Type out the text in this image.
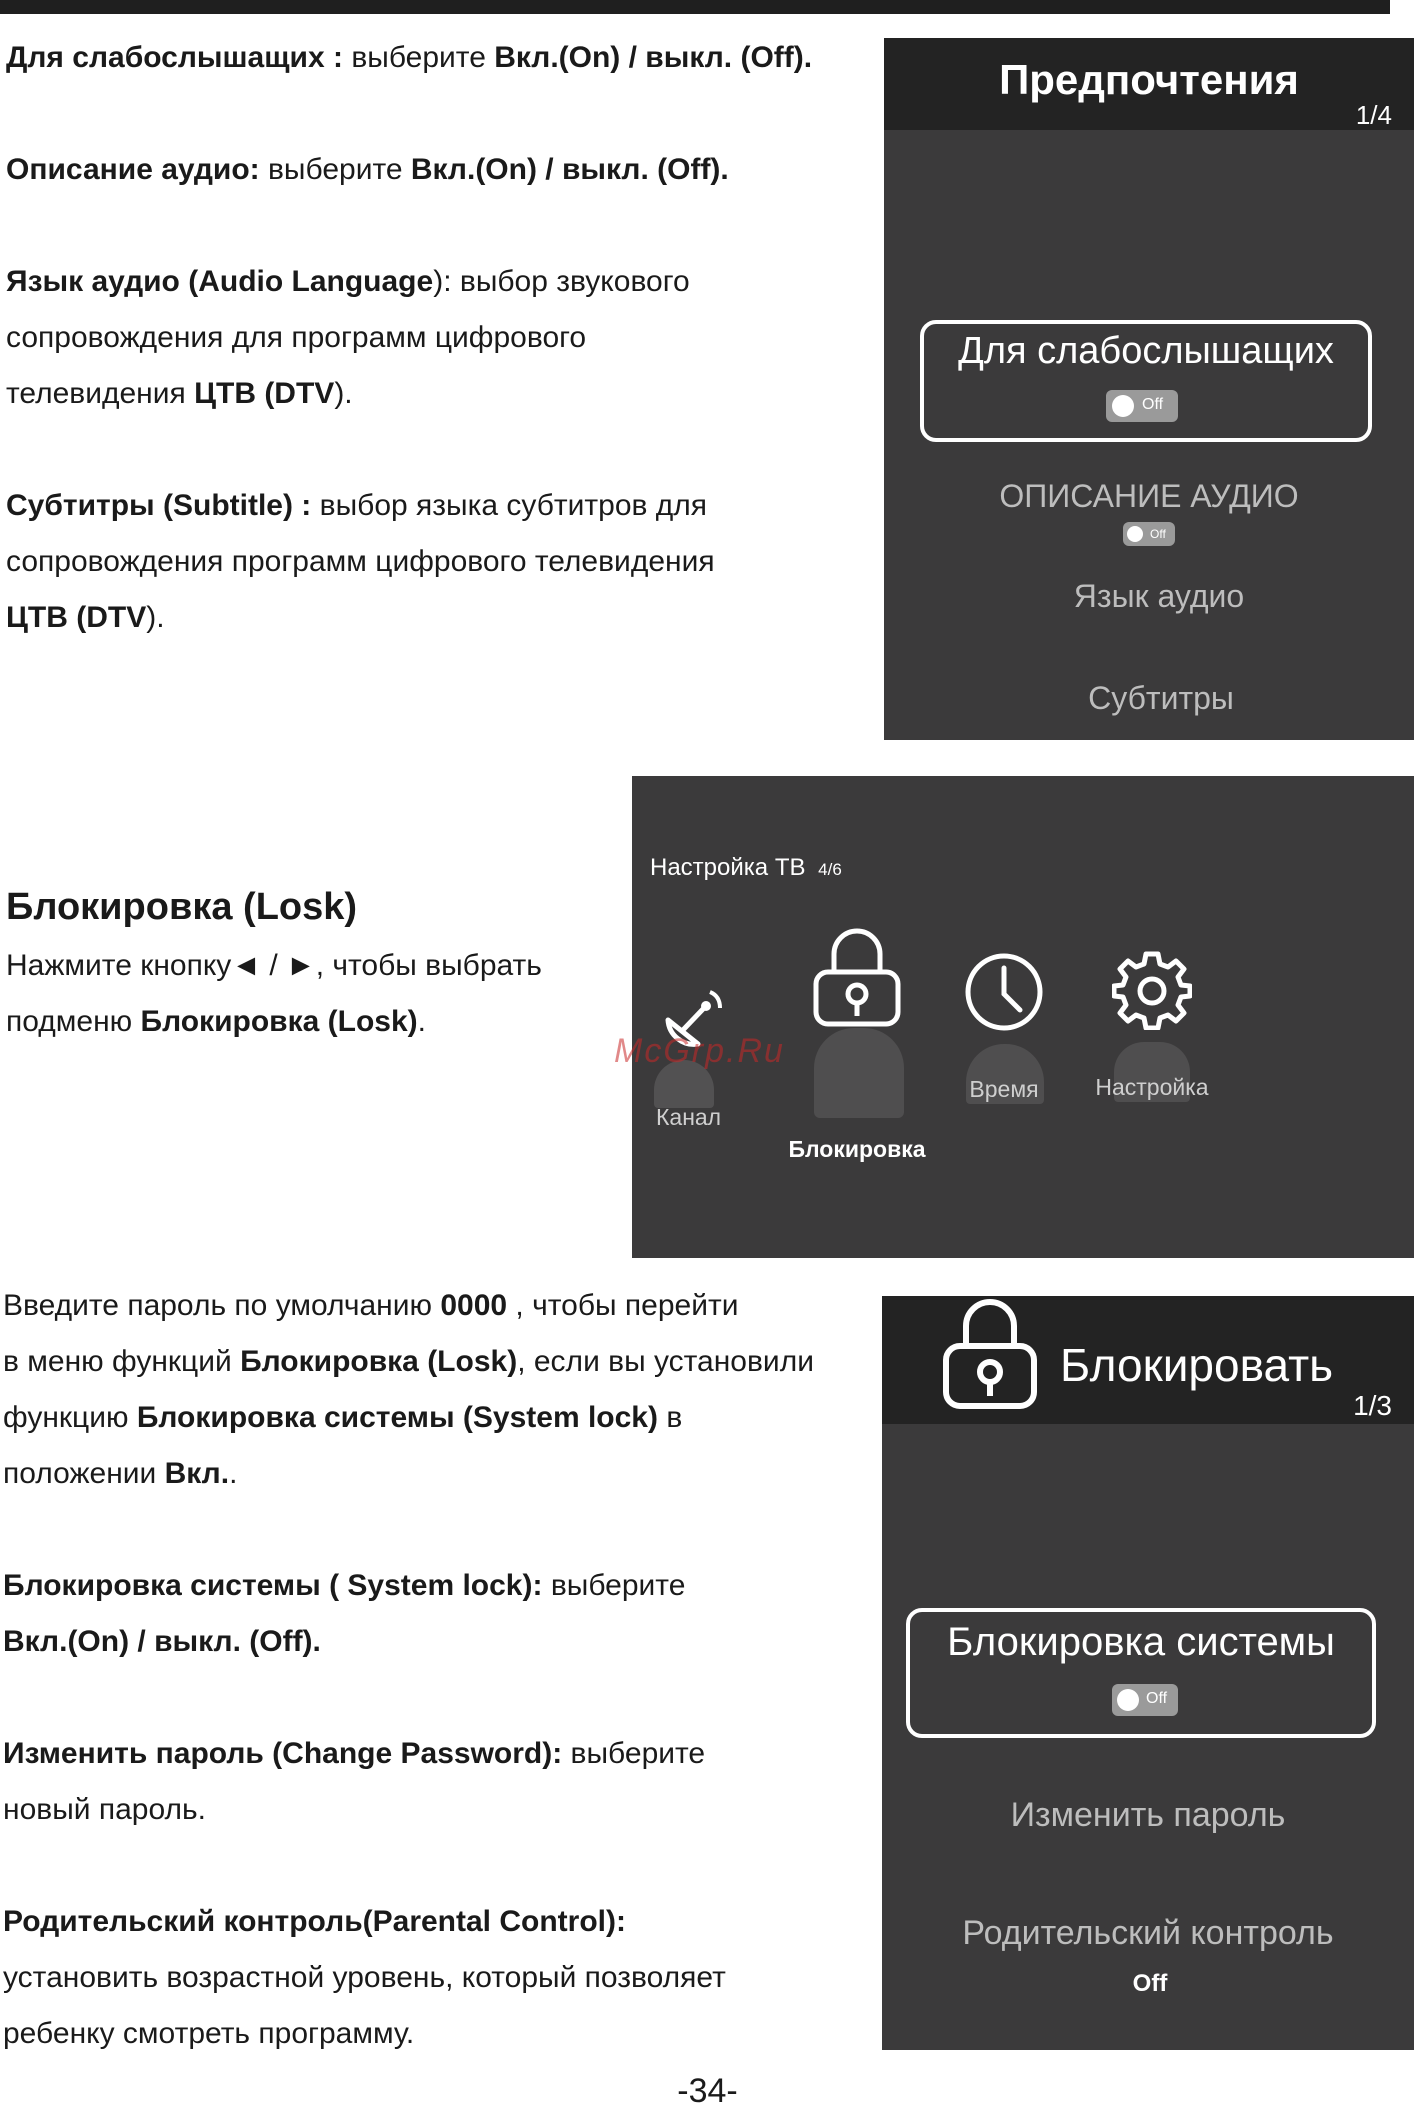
Для слабослышащих : выберите Вкл.(On) / выкл. (Off).
Описание аудио: выберите Вкл.(On) / выкл. (Off).
Язык аудио (Audio Language): выбор звукового
сопровождения для программ цифрового
телевидения ЦТВ (DTV).
Субтитры (Subtitle) : выбор языка субтитров для
сопровождения программ цифрового телевидения
ЦТВ (DTV).
Предпочтения
1/4
Для слабослышащих
Off
ОПИСАНИЕ АУДИО
Off
Язык аудио
Субтитры
Блокировка (Losk)
Нажмите кнопку◄ / ►, чтобы выбрать
подменю Блокировка (Losk).
Настройка ТВ 4/6
Канал
Блокировка
Время	Настройка
McGrp.Ru
Введите пароль по умолчанию 0000 , чтобы перейти
в меню функций Блокировка (Losk), если вы установили
функцию Блокировка системы (System lock) в
положении Вкл..
Блокировка системы ( System lock): выберите
Вкл.(On) / выкл. (Off).
Изменить пароль (Change Password): выберите
новый пароль.
Родительский контроль(Parental Control):
установить возрастной уровень, который позволяет
ребенку смотреть программу.
Блокировать
1/3
Блокировка системы
Off
Изменить пароль
Родительский контроль
Off
-34-
